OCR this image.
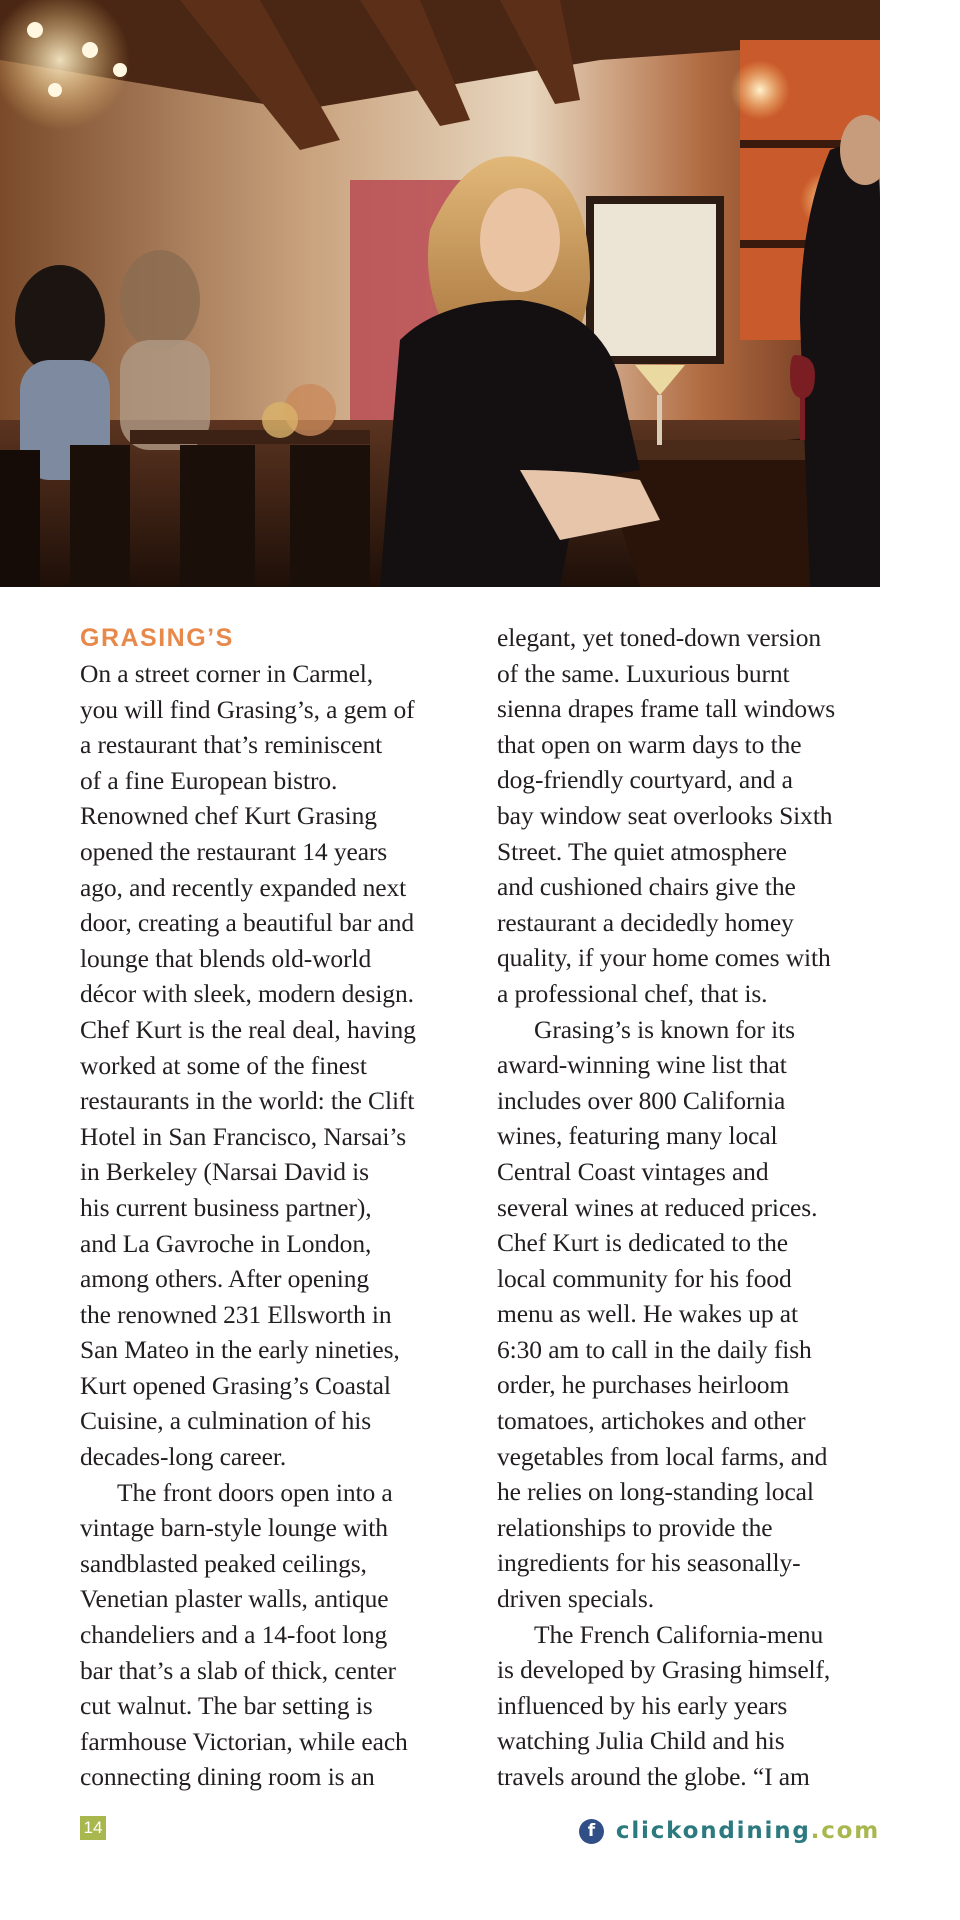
GRASING’S
On a street corner in Carmel,
you will find Grasing’s, a gem of
a restaurant that’s reminiscent
of a fine European bistro.
Renowned chef Kurt Grasing
opened the restaurant 14 years
ago, and recently expanded next
door, creating a beautiful bar and
lounge that blends old-world
décor with sleek, modern design.
Chef Kurt is the real deal, having
worked at some of the finest
restaurants in the world: the Clift
Hotel in San Francisco, Narsai’s
in Berkeley (Narsai David is
his current business partner),
and La Gavroche in London,
among others. After opening
the renowned 231 Ellsworth in
San Mateo in the early nineties,
Kurt opened Grasing’s Coastal
Cuisine, a culmination of his
decades-long career.
The front doors open into a
vintage barn-style lounge with
sandblasted peaked ceilings,
Venetian plaster walls, antique
chandeliers and a 14-foot long
bar that’s a slab of thick, center
cut walnut. The bar setting is
farmhouse Victorian, while each
connecting dining room is an
elegant, yet toned-down version
of the same. Luxurious burnt
sienna drapes frame tall windows
that open on warm days to the
dog-friendly courtyard, and a
bay window seat overlooks Sixth
Street. The quiet atmosphere
and cushioned chairs give the
restaurant a decidedly homey
quality, if your home comes with
a professional chef, that is.
Grasing’s is known for its
award-winning wine list that
includes over 800 California
wines, featuring many local
Central Coast vintages and
several wines at reduced prices.
Chef Kurt is dedicated to the
local community for his food
menu as well. He wakes up at
6:30 am to call in the daily fish
order, he purchases heirloom
tomatoes, artichokes and other
vegetables from local farms, and
he relies on long-standing local
relationships to provide the
ingredients for his seasonally-
driven specials.
The French California-menu
is developed by Grasing himself,
influenced by his early years
watching Julia Child and his
travels around the globe. “I am
14	f clickondining .com
